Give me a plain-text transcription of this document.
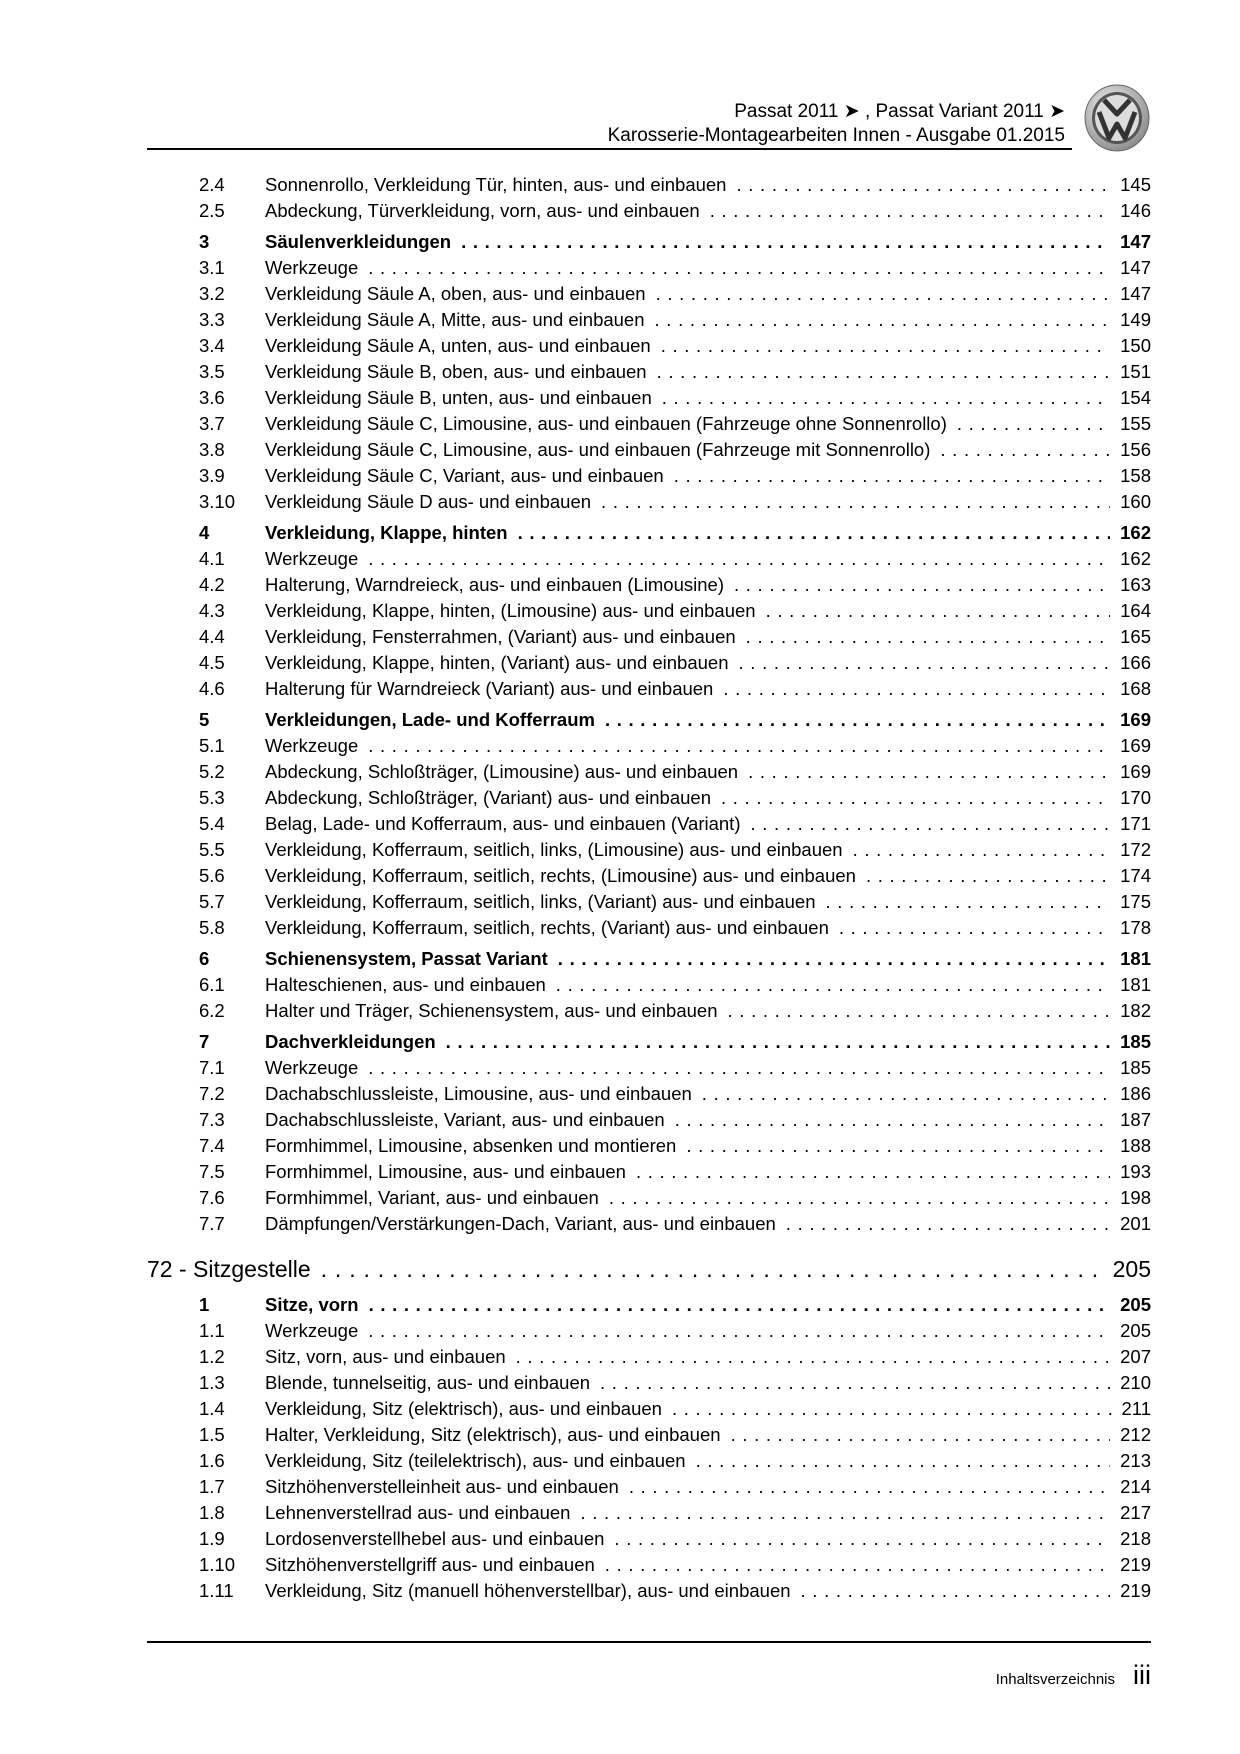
Passat 2011 ➤ , Passat Variant 2011 ➤
Karosserie-Montagearbeiten Innen - Ausgabe 01.2015
2.4	Sonnenrollo, Verkleidung Tür, hinten, aus- und einbauen . . .	145
2.5	Abdeckung, Türverkleidung, vorn, aus- und einbauen . . .	146
3	Säulenverkleidungen . . .	147
3.1	Werkzeuge . . .	147
3.2	Verkleidung Säule A, oben, aus- und einbauen . . .	147
3.3	Verkleidung Säule A, Mitte, aus- und einbauen . . .	149
3.4	Verkleidung Säule A, unten, aus- und einbauen . . .	150
3.5	Verkleidung Säule B, oben, aus- und einbauen . . .	151
3.6	Verkleidung Säule B, unten, aus- und einbauen . . .	154
3.7	Verkleidung Säule C, Limousine, aus- und einbauen (Fahrzeuge ohne Sonnenrollo) . . .	155
3.8	Verkleidung Säule C, Limousine, aus- und einbauen (Fahrzeuge mit Sonnenrollo) . . .	156
3.9	Verkleidung Säule C, Variant, aus- und einbauen . . .	158
3.10	Verkleidung Säule D aus- und einbauen . . .	160
4	Verkleidung, Klappe, hinten . . .	162
4.1	Werkzeuge . . .	162
4.2	Halterung, Warndreieck, aus- und einbauen (Limousine) . . .	163
4.3	Verkleidung, Klappe, hinten, (Limousine) aus- und einbauen . . .	164
4.4	Verkleidung, Fensterrahmen, (Variant) aus- und einbauen . . .	165
4.5	Verkleidung, Klappe, hinten, (Variant) aus- und einbauen . . .	166
4.6	Halterung für Warndreieck (Variant) aus- und einbauen . . .	168
5	Verkleidungen, Lade- und Kofferraum . . .	169
5.1	Werkzeuge . . .	169
5.2	Abdeckung, Schloßträger, (Limousine) aus- und einbauen . . .	169
5.3	Abdeckung, Schloßträger, (Variant) aus- und einbauen . . .	170
5.4	Belag, Lade- und Kofferraum, aus- und einbauen (Variant) . . .	171
5.5	Verkleidung, Kofferraum, seitlich, links, (Limousine) aus- und einbauen . . .	172
5.6	Verkleidung, Kofferraum, seitlich, rechts, (Limousine) aus- und einbauen . . .	174
5.7	Verkleidung, Kofferraum, seitlich, links, (Variant) aus- und einbauen . . .	175
5.8	Verkleidung, Kofferraum, seitlich, rechts, (Variant) aus- und einbauen . . .	178
6	Schienensystem, Passat Variant . . .	181
6.1	Halteschienen, aus- und einbauen . . .	181
6.2	Halter und Träger, Schienensystem, aus- und einbauen . . .	182
7	Dachverkleidungen . . .	185
7.1	Werkzeuge . . .	185
7.2	Dachabschlussleiste, Limousine, aus- und einbauen . . .	186
7.3	Dachabschlussleiste, Variant, aus- und einbauen . . .	187
7.4	Formhimmel, Limousine, absenken und montieren . . .	188
7.5	Formhimmel, Limousine, aus- und einbauen . . .	193
7.6	Formhimmel, Variant, aus- und einbauen . . .	198
7.7	Dämpfungen/Verstärkungen-Dach, Variant, aus- und einbauen . . .	201
72 - Sitzgestelle . . .	205
1	Sitze, vorn . . .	205
1.1	Werkzeuge . . .	205
1.2	Sitz, vorn, aus- und einbauen . . .	207
1.3	Blende, tunnelseitig, aus- und einbauen . . .	210
1.4	Verkleidung, Sitz (elektrisch), aus- und einbauen . . .	211
1.5	Halter, Verkleidung, Sitz (elektrisch), aus- und einbauen . . .	212
1.6	Verkleidung, Sitz (teilelektrisch), aus- und einbauen . . .	213
1.7	Sitzhöhenverstelleinheit aus- und einbauen . . .	214
1.8	Lehnenverstellrad aus- und einbauen . . .	217
1.9	Lordosenverstellhebel aus- und einbauen . . .	218
1.10	Sitzhöhenverstellgriff aus- und einbauen . . .	219
1.11	Verkleidung, Sitz (manuell höhenverstellbar), aus- und einbauen . . .	219
Inhaltsverzeichnis iii
